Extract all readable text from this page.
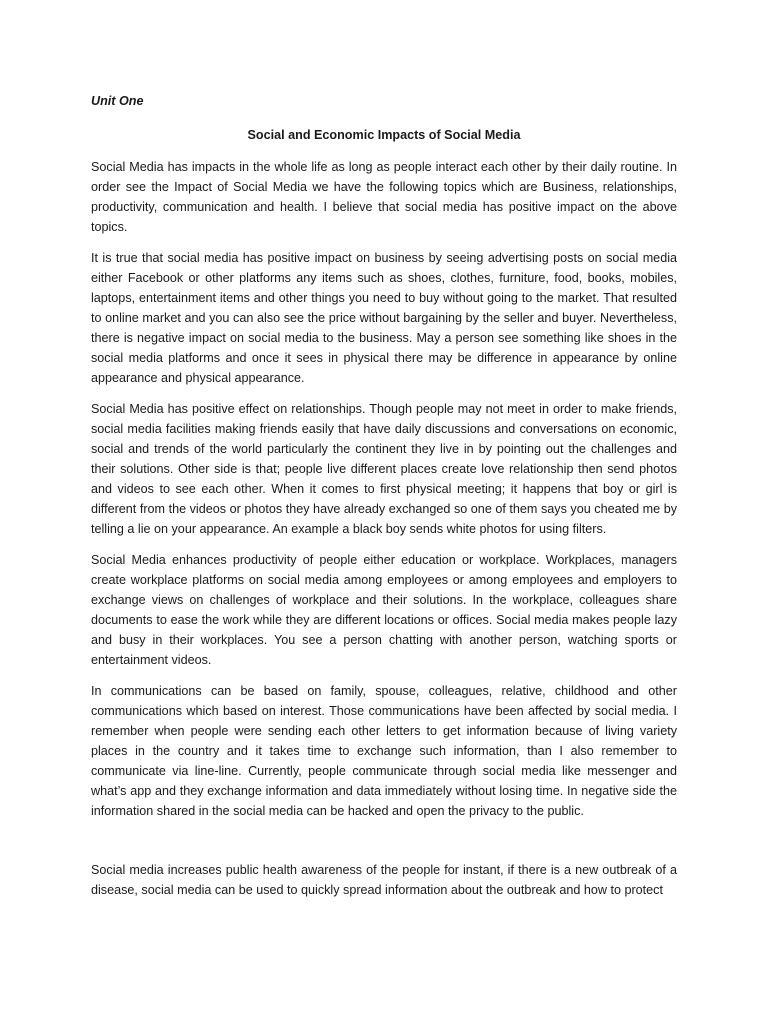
Unit One

Social and Economic Impacts of Social Media

Social Media has impacts in the whole life as long as people interact each other by their daily routine. In order see the Impact of Social Media we have the following topics which are Business, relationships, productivity, communication and health. I believe that social media has positive impact on the above topics.

It is true that social media has positive impact on business by seeing advertising posts on social media either Facebook or other platforms any items such as shoes, clothes, furniture, food, books, mobiles, laptops, entertainment items and other things you need to buy without going to the market. That resulted to online market and you can also see the price without bargaining by the seller and buyer. Nevertheless, there is negative impact on social media to the business. May a person see something like shoes in the social media platforms and once it sees in physical there may be difference in appearance by online appearance and physical appearance.

Social Media has positive effect on relationships. Though people may not meet in order to make friends, social media facilities making friends easily that have daily discussions and conversations on economic, social and trends of the world particularly the continent they live in by pointing out the challenges and their solutions. Other side is that; people live different places create love relationship then send photos and videos to see each other. When it comes to first physical meeting; it happens that boy or girl is different from the videos or photos they have already exchanged so one of them says you cheated me by telling a lie on your appearance. An example a black boy sends white photos for using filters.

Social Media enhances productivity of people either education or workplace. Workplaces, managers create workplace platforms on social media among employees or among employees and employers to exchange views on challenges of workplace and their solutions. In the workplace, colleagues share documents to ease the work while they are different locations or offices. Social media makes people lazy and busy in their workplaces. You see a person chatting with another person, watching sports or entertainment videos.

In communications can be based on family, spouse, colleagues, relative, childhood and other communications which based on interest. Those communications have been affected by social media. I remember when people were sending each other letters to get information because of living variety places in the country and it takes time to exchange such information, than I also remember to communicate via line-line. Currently, people communicate through social media like messenger and what’s app and they exchange information and data immediately without losing time. In negative side the information shared in the social media can be hacked and open the privacy to the public.

Social media increases public health awareness of the people for instant, if there is a new outbreak of a disease, social media can be used to quickly spread information about the outbreak and how to protect
